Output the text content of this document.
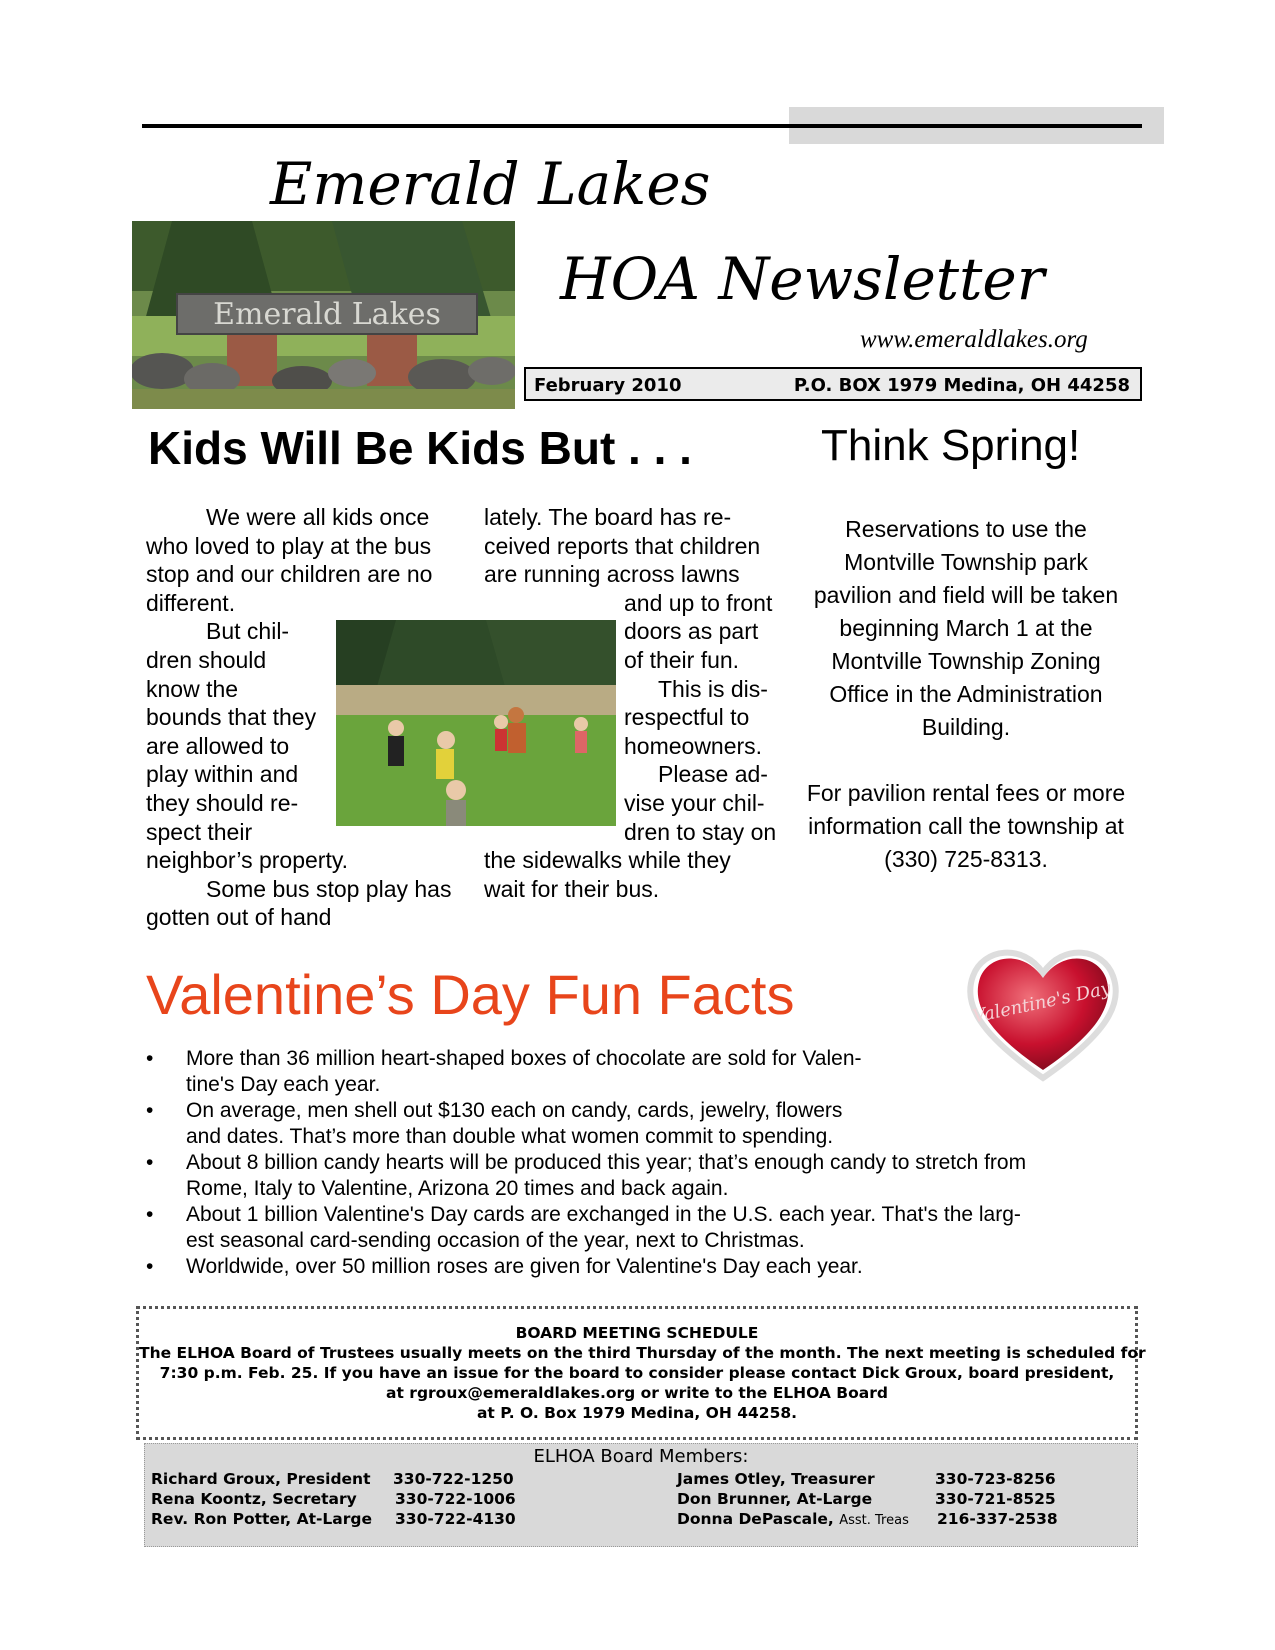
Emerald Lakes
Emerald Lakes
HOA Newsletter
www.emeraldlakes.org
February 2010	P.O. BOX 1979 Medina, OH 44258
Kids Will Be Kids But . . .	Think Spring!

We were all kids once who loved to play at the bus stop and our children are no different.

But chil-

dren should

know the

bounds that they

are allowed to

play within and

they should re-

spect their

neighbor’s property.

Some bus stop play has gotten out of hand

lately. The board has re-

ceived reports that children

are running across lawns

and up to front

doors as part

of their fun.

This is dis-

respectful to

homeowners.

Please ad-

vise your chil-

dren to stay on

the sidewalks while they

wait for their bus.

Reservations to use the Montville Township park pavilion and field will be taken beginning March 1 at the Montville Township Zoning Office in the Administration Building.

For pavilion rental fees or more information call the township at

(330) 725-8313.

Valentine’s Day Fun Facts	Valentine's Day
• More than 36 million heart-shaped boxes of chocolate are sold for Valen-
tine's Day each year.
• On average, men shell out $130 each on candy, cards, jewelry, flowers
and dates. That’s more than double what women commit to spending.
• About 8 billion candy hearts will be produced this year; that’s enough candy to stretch from
Rome, Italy to Valentine, Arizona 20 times and back again.
• About 1 billion Valentine's Day cards are exchanged in the U.S. each year. That's the larg-
est seasonal card-sending occasion of the year, next to Christmas.
• Worldwide, over 50 million roses are given for Valentine's Day each year.
BOARD MEETING SCHEDULE
The ELHOA Board of Trustees usually meets on the third Thursday of the month. The next meeting is scheduled for
7:30 p.m. Feb. 25. If you have an issue for the board to consider please contact Dick Groux, board president,
at rgroux@emeraldlakes.org or write to the ELHOA Board
at P. O. Box 1979 Medina, OH 44258.
ELHOA Board Members:
Richard Groux, President 330-722-1250
Rena Koontz, Secretary 330-722-1006
Rev. Ron Potter, At-Large 330-722-4130
James Otley, Treasurer	330-723-8256
Don Brunner, At-Large	330-721-8525
Donna DePascale, Asst. Treas 216-337-2538
